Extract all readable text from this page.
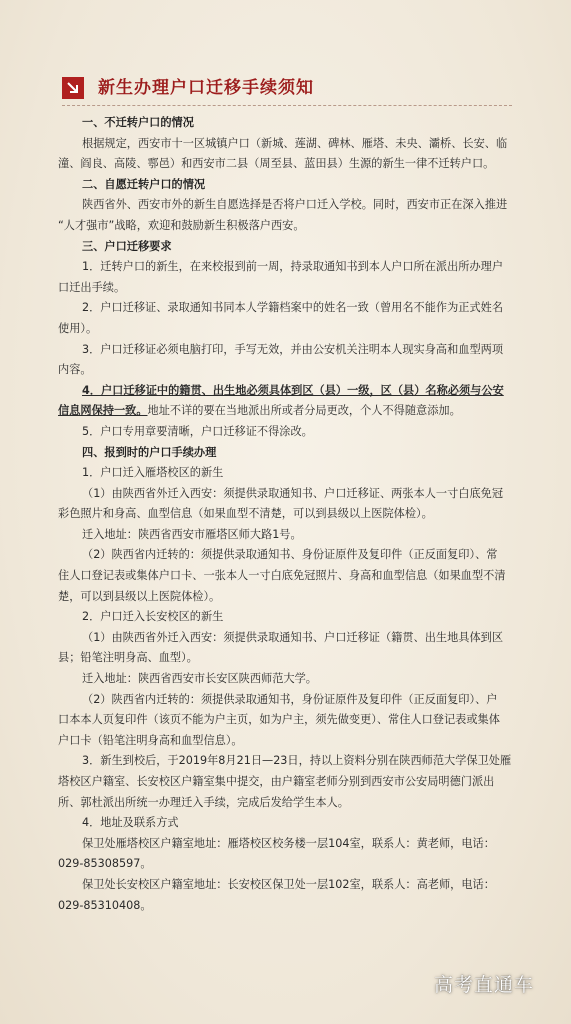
新生办理户口迁移手续须知
一、不迁转户口的情况
根据规定，西安市十一区城镇户口（新城、莲湖、碑林、雁塔、未央、灞桥、长安、临
潼、阎良、高陵、鄠邑）和西安市二县（周至县、蓝田县）生源的新生一律不迁转户口。
二、自愿迁转户口的情况
陕西省外、西安市外的新生自愿选择是否将户口迁入学校。同时，西安市正在深入推进
“人才强市”战略，欢迎和鼓励新生积极落户西安。
三、户口迁移要求
1．迁转户口的新生，在来校报到前一周，持录取通知书到本人户口所在派出所办理户
口迁出手续。
2．户口迁移证、录取通知书同本人学籍档案中的姓名一致（曾用名不能作为正式姓名
使用）。
3．户口迁移证必须电脑打印，手写无效，并由公安机关注明本人现实身高和血型两项
内容。
4．户口迁移证中的籍贯、出生地必须具体到区（县）一级，区（县）名称必须与公安
信息网保持一致。地址不详的要在当地派出所或者分局更改，个人不得随意添加。
5．户口专用章要清晰，户口迁移证不得涂改。
四、报到时的户口手续办理
1．户口迁入雁塔校区的新生
（1）由陕西省外迁入西安：须提供录取通知书、户口迁移证、两张本人一寸白底免冠
彩色照片和身高、血型信息（如果血型不清楚，可以到县级以上医院体检）。
迁入地址：陕西省西安市雁塔区师大路1号。
（2）陕西省内迁转的：须提供录取通知书、身份证原件及复印件（正反面复印）、常
住人口登记表或集体户口卡、一张本人一寸白底免冠照片、身高和血型信息（如果血型不清
楚，可以到县级以上医院体检）。
2．户口迁入长安校区的新生
（1）由陕西省外迁入西安：须提供录取通知书、户口迁移证（籍贯、出生地具体到区
县；铅笔注明身高、血型）。
迁入地址：陕西省西安市长安区陕西师范大学。
（2）陕西省内迁转的：须提供录取通知书，身份证原件及复印件（正反面复印）、户
口本本人页复印件（该页不能为户主页，如为户主，须先做变更）、常住人口登记表或集体
户口卡（铅笔注明身高和血型信息）。
3．新生到校后，于2019年8月21日—23日，持以上资料分别在陕西师范大学保卫处雁
塔校区户籍室、长安校区户籍室集中提交，由户籍室老师分别到西安市公安局明德门派出
所、郭杜派出所统一办理迁入手续，完成后发给学生本人。
4．地址及联系方式
保卫处雁塔校区户籍室地址：雁塔校区校务楼一层104室，联系人：黄老师，电话：
029-85308597。
保卫处长安校区户籍室地址：长安校区保卫处一层102室，联系人：高老师，电话：
029-85310408。
高考直通车
